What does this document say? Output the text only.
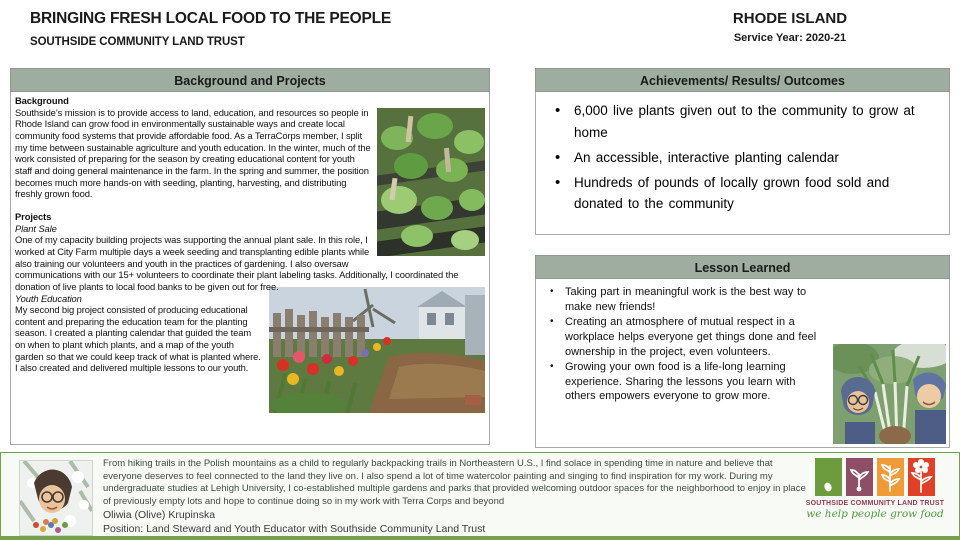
BRINGING FRESH LOCAL FOOD TO THE PEOPLE
SOUTHSIDE COMMUNITY LAND TRUST
RHODE ISLAND
Service Year: 2020-21
Background and Projects
Background

Southside’s mission is to provide access to land, education, and resources so people in Rhode Island can grow food in environmentally sustainable ways and create local community food systems that provide affordable food. As a TerraCorps member, I split my time between sustainable agriculture and youth education. In the winter, much of the work consisted of preparing for the season by creating educational content for youth staff and doing general maintenance in the farm. In the spring and summer, the position becomes much more hands-on with seeding, planting, harvesting, and distributing freshly grown food.

Projects
Plant Sale

One of my capacity building projects was supporting the annual plant sale. In this role, I worked at City Farm multiple days a week seeding and transplanting edible plants while also training our volunteers and youth in the practices of gardening. I also oversaw communications with our 15+ volunteers to coordinate their plant labeling tasks. Additionally, I coordinated the donation of live plants to local food banks to be given out for free.

Youth Education

My second big project consisted of producing educational content and preparing the education team for the planting season. I created a planting calendar that guided the team on when to plant which plants, and a map of the youth garden so that we could keep track of what is planted where. I also created and delivered multiple lessons to our youth.

Achievements/ Results/ Outcomes
• 6,000 live plants given out to the community to grow at home
• An accessible, interactive planting calendar
• Hundreds of pounds of locally grown food sold and donated to the community
Lesson Learned
• Taking part in meaningful work is the best way to make new friends!
• Creating an atmosphere of mutual respect in a workplace helps everyone get things done and feel ownership in the project, even volunteers.
• Growing your own food is a life-long learning experience. Sharing the lessons you learn with others empowers everyone to grow more.
From hiking trails in the Polish mountains as a child to regularly backpacking trails in Northeastern U.S., I find solace in spending time in nature and believe that everyone deserves to feel connected to the land they live on. I also spend a lot of time watercolor painting and singing to find inspiration for my work. During my undergraduate studies at Lehigh University, I co-established multiple gardens and parks that provided welcoming outdoor spaces for the neighborhood to enjoy in place of previously empty lots and hope to continue doing so in my work with Terra Corps and beyond
Oliwia (Olive) Krupinska
Position: Land Steward and Youth Educator with Southside Community Land Trust
SOUTHSIDE COMMUNITY LAND TRUST
we help people grow food
